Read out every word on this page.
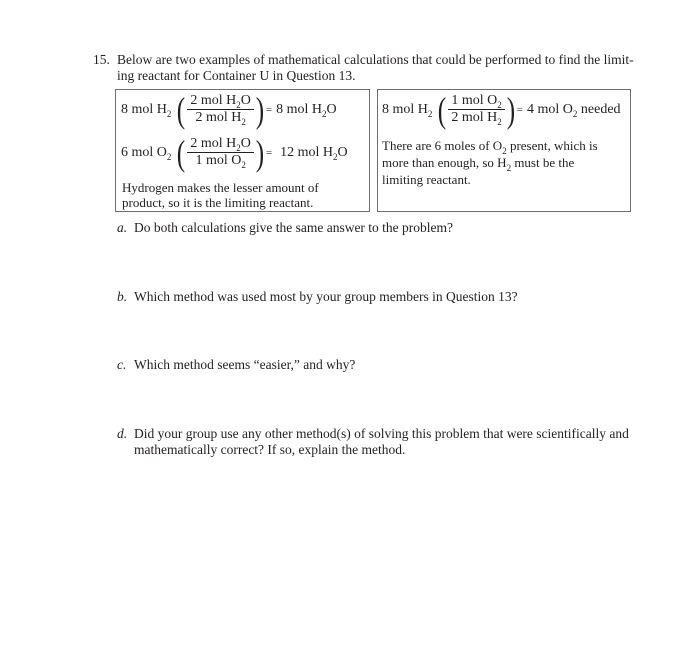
15. Below are two examples of mathematical calculations that could be performed to find the limit-ing reactant for Container U in Question 13.
8 mol $H_2$ ( $\frac{2 mol H_2O}{2 mol H_2}$ ) = 8 mol $H_2O$
6 mol $O_2$ ( $\frac{2 mol H_2O}{1 mol O_2}$ ) = 12 mol $H_2O$
Hydrogen makes the lesser amount of product, so it is the limiting reactant.
8 mol $H_2$ ( $\frac{1 mol O_2}{2 mol H_2}$ ) = 4 mol $O_2$ needed
There are 6 moles of $O_2$ present, which is more than enough, so $H_2$ must be the limiting reactant.
a. Do both calculations give the same answer to the problem?
b. Which method was used most by your group members in Question 13?
c. Which method seems “easier,” and why?
d. Did your group use any other method(s) of solving this problem that were scientifically and mathematically correct? If so, explain the method.
